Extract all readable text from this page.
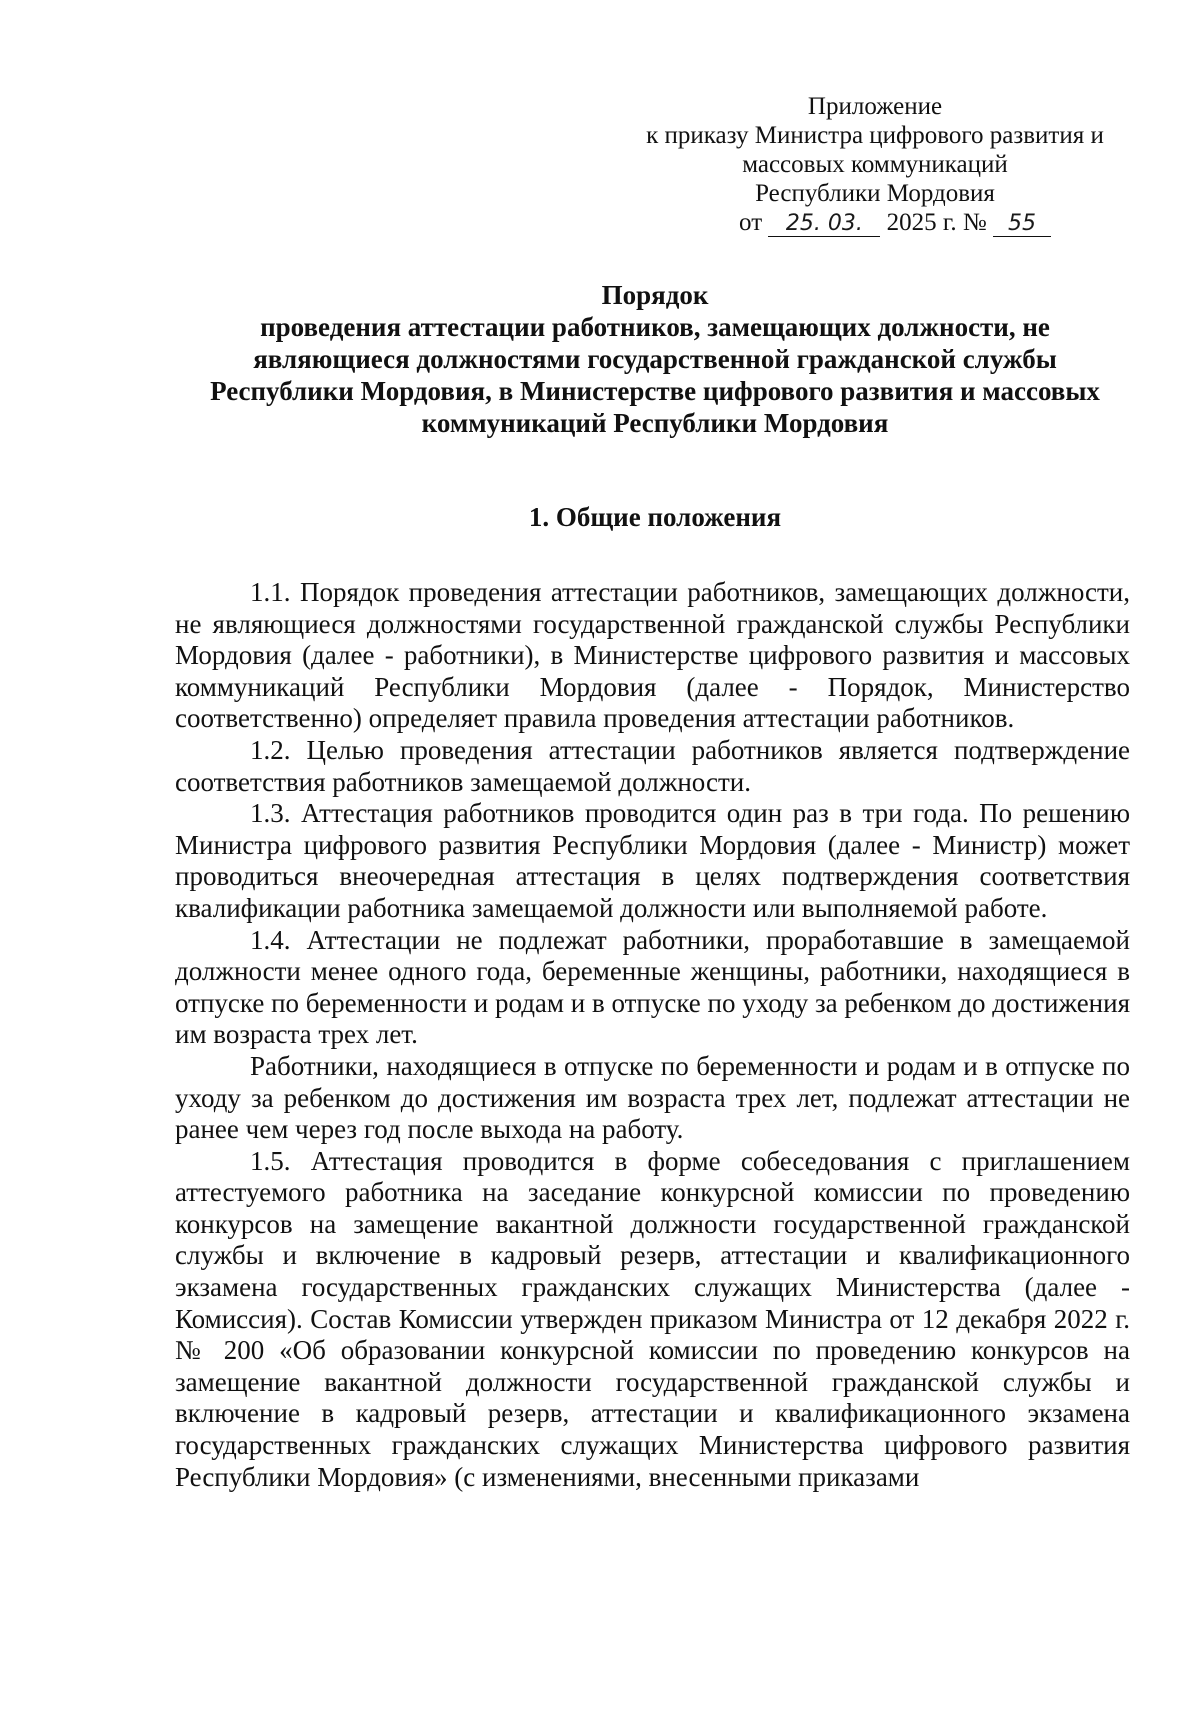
Приложение
к приказу Министра цифрового развития и
массовых коммуникаций
Республики Мордовия
от 25. 03. 2025 г. № 55
Порядок
проведения аттестации работников, замещающих должности, не
являющиеся должностями государственной гражданской службы
Республики Мордовия, в Министерстве цифрового развития и массовых
коммуникаций Республики Мордовия
1. Общие положения

1.1. Порядок проведения аттестации работников, замещающих должности, не являющиеся должностями государственной гражданской службы Республики Мордовия (далее - работники), в Министерстве цифрового развития и массовых коммуникаций Республики Мордовия (далее - Порядок, Министерство соответственно) определяет правила проведения аттестации работников.

1.2. Целью проведения аттестации работников является подтверждение соответствия работников замещаемой должности.

1.3. Аттестация работников проводится один раз в три года. По решению Министра цифрового развития Республики Мордовия (далее - Министр) может проводиться внеочередная аттестация в целях подтверждения соответствия квалификации работника замещаемой должности или выполняемой работе.

1.4. Аттестации не подлежат работники, проработавшие в замещаемой должности менее одного года, беременные женщины, работники, находящиеся в отпуске по беременности и родам и в отпуске по уходу за ребенком до достижения им возраста трех лет.

Работники, находящиеся в отпуске по беременности и родам и в отпуске по уходу за ребенком до достижения им возраста трех лет, подлежат аттестации не ранее чем через год после выхода на работу.

1.5. Аттестация проводится в форме собеседования с приглашением аттестуемого работника на заседание конкурсной комиссии по проведению конкурсов на замещение вакантной должности государственной гражданской службы и включение в кадровый резерв, аттестации и квалификационного экзамена государственных гражданских служащих Министерства (далее - Комиссия). Состав Комиссии утвержден приказом Министра от 12 декабря 2022 г. № 200 «Об образовании конкурсной комиссии по проведению конкурсов на замещение вакантной должности государственной гражданской службы и включение в кадровый резерв, аттестации и квалификационного экзамена государственных гражданских служащих Министерства цифрового развития Республики Мордовия» (с изменениями, внесенными приказами
